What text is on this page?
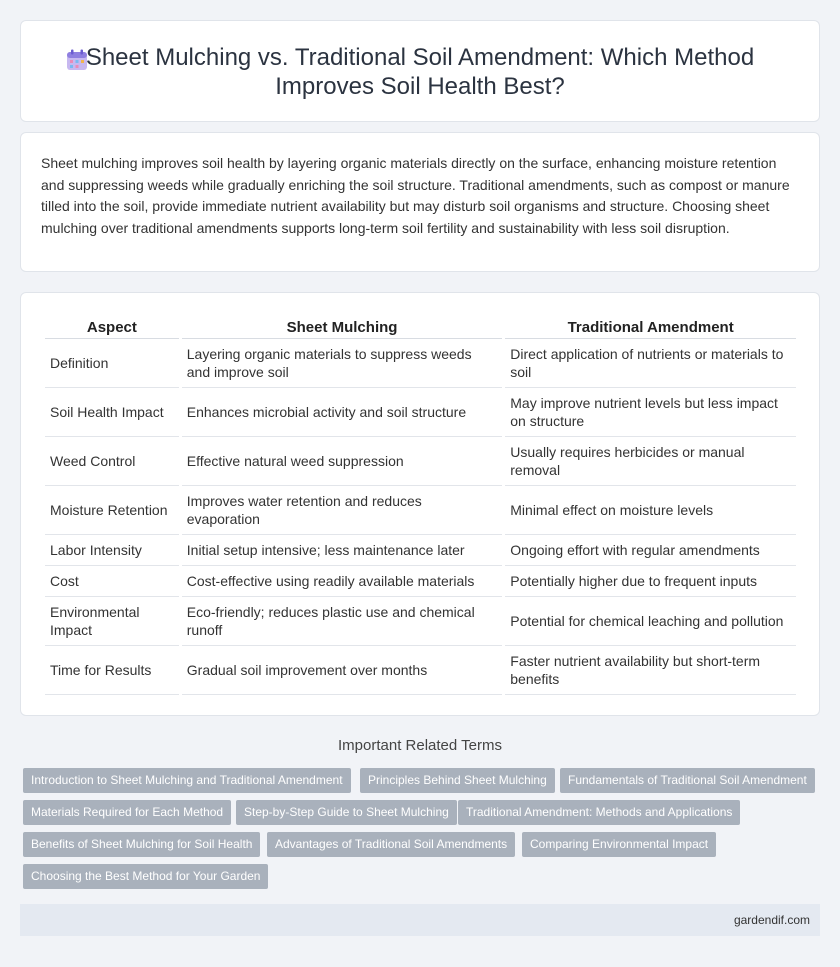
Sheet Mulching vs. Traditional Soil Amendment: Which Method Improves Soil Health Best?

Sheet mulching improves soil health by layering organic materials directly on the surface, enhancing moisture retention and suppressing weeds while gradually enriching the soil structure. Traditional amendments, such as compost or manure tilled into the soil, provide immediate nutrient availability but may disturb soil organisms and structure. Choosing sheet mulching over traditional amendments supports long-term soil fertility and sustainability with less soil disruption.

Aspect	Sheet Mulching	Traditional Amendment
Definition	Layering organic materials to suppress weeds and improve soil	Direct application of nutrients or materials to soil
Soil Health Impact	Enhances microbial activity and soil structure	May improve nutrient levels but less impact on structure
Weed Control	Effective natural weed suppression	Usually requires herbicides or manual removal
Moisture Retention	Improves water retention and reduces evaporation	Minimal effect on moisture levels
Labor Intensity	Initial setup intensive; less maintenance later	Ongoing effort with regular amendments
Cost	Cost-effective using readily available materials	Potentially higher due to frequent inputs
Environmental Impact	Eco-friendly; reduces plastic use and chemical runoff	Potential for chemical leaching and pollution
Time for Results	Gradual soil improvement over months	Faster nutrient availability but short-term benefits
Important Related Terms
Introduction to Sheet Mulching and Traditional Amendment	Principles Behind Sheet Mulching	Fundamentals of Traditional Soil Amendment
Materials Required for Each Method	Step-by-Step Guide to Sheet Mulching	Traditional Amendment: Methods and Applications
Benefits of Sheet Mulching for Soil Health	Advantages of Traditional Soil Amendments	Comparing Environmental Impact
Choosing the Best Method for Your Garden
gardendif.com
